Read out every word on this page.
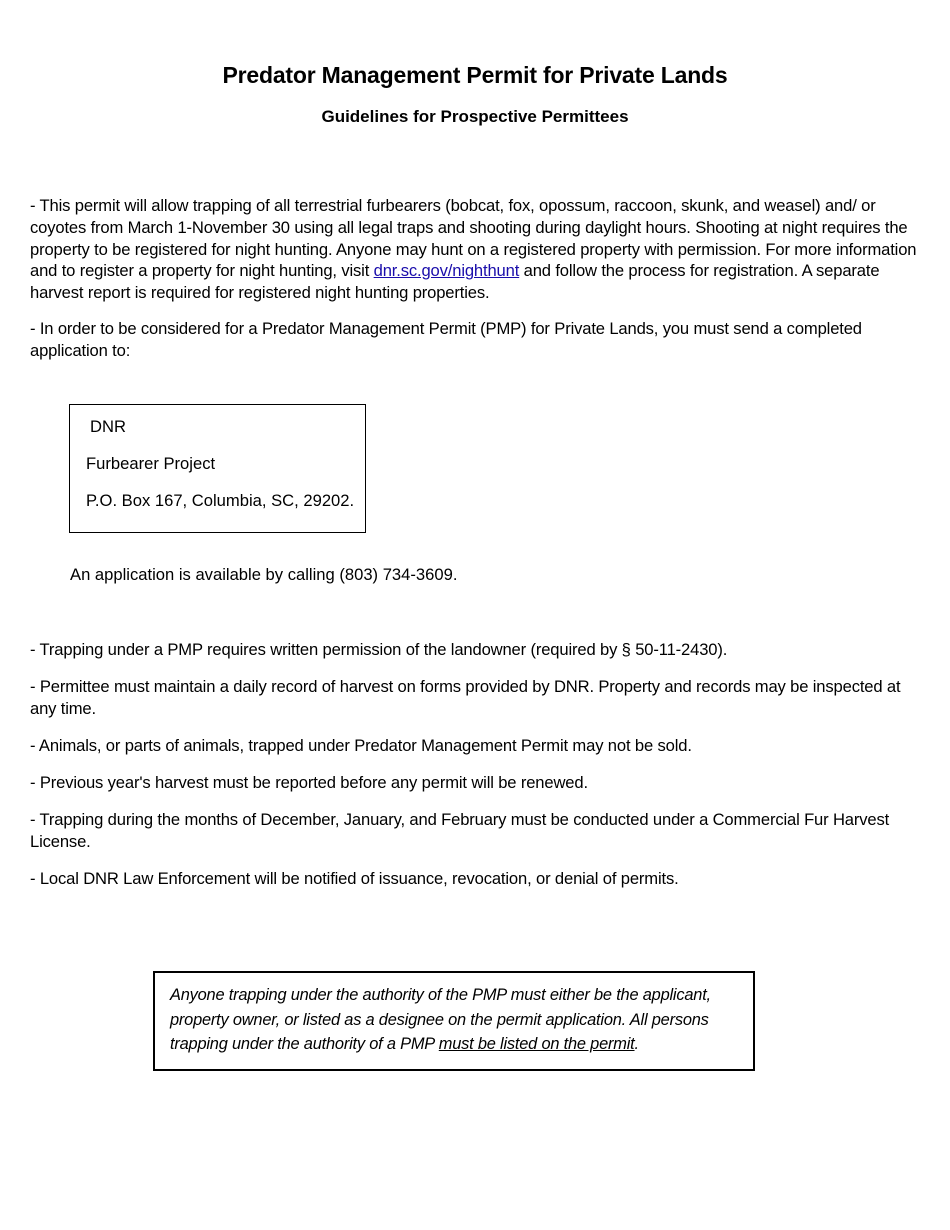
Predator Management Permit for Private Lands
Guidelines for Prospective Permittees

- This permit will allow trapping of all terrestrial furbearers (bobcat, fox, opossum, raccoon, skunk, and weasel) and/ or coyotes from March 1-November 30 using all legal traps and shooting during daylight hours. Shooting at night requires the property to be registered for night hunting. Anyone may hunt on a registered property with permission. For more information and to register a property for night hunting, visit dnr.sc.gov/nighthunt and follow the process for registration. A separate harvest report is required for registered night hunting properties.

- In order to be considered for a Predator Management Permit (PMP) for Private Lands, you must send a completed application to:

DNR

Furbearer Project

P.O. Box 167, Columbia, SC, 29202.

An application is available by calling (803) 734-3609.

- Trapping under a PMP requires written permission of the landowner (required by § 50-11-2430).

- Permittee must maintain a daily record of harvest on forms provided by DNR. Property and records may be inspected at any time.

- Animals, or parts of animals, trapped under Predator Management Permit may not be sold.

- Previous year's harvest must be reported before any permit will be renewed.

- Trapping during the months of December, January, and February must be conducted under a Commercial Fur Harvest License.

- Local DNR Law Enforcement will be notified of issuance, revocation, or denial of permits.

Anyone trapping under the authority of the PMP must either be the applicant, property owner, or listed as a designee on the permit application. All persons trapping under the authority of a PMP must be listed on the permit.
